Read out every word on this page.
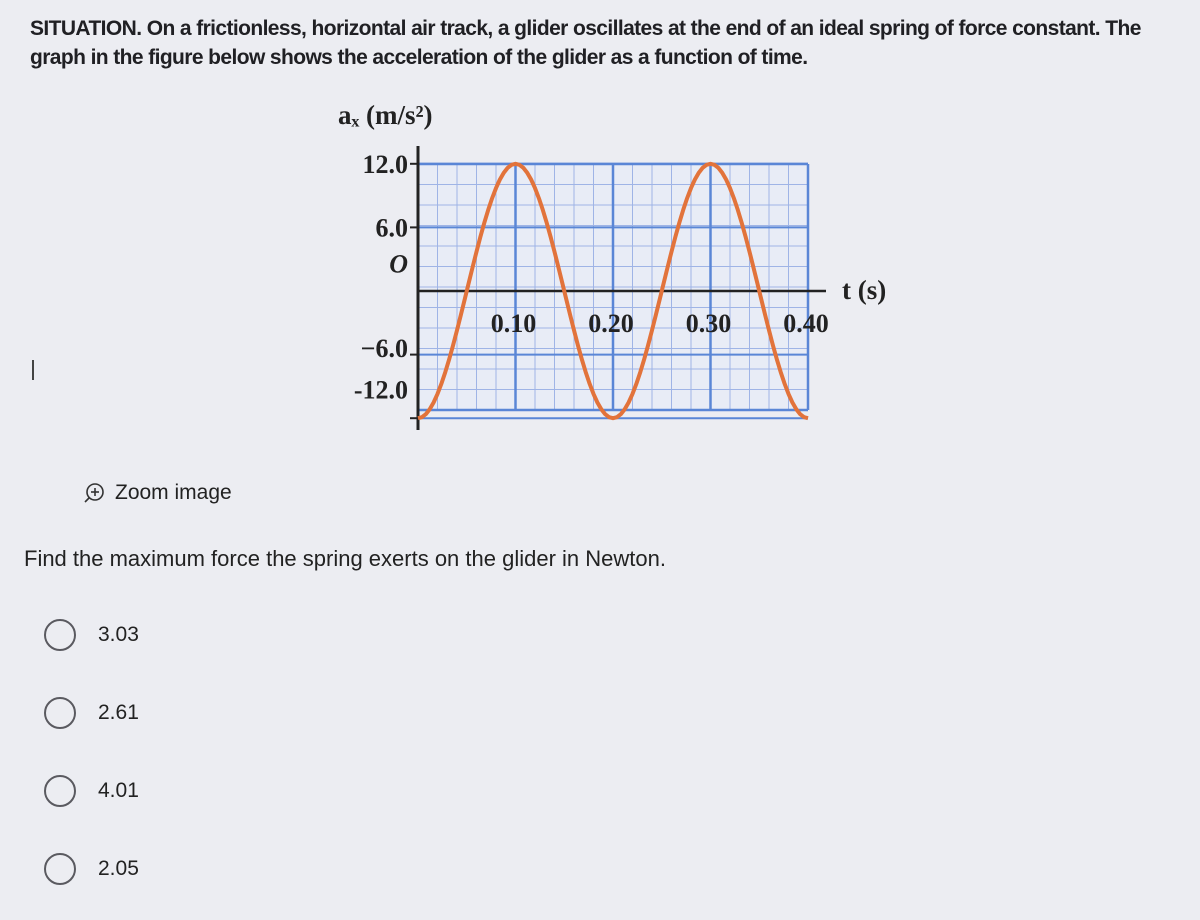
SITUATION. On a frictionless, horizontal air track, a glider oscillates at the end of an ideal spring of force constant. The graph in the figure below shows the acceleration of the glider as a function of time.
12.0
6.0
O
−6.0
-12.0
0.10 0.20 0.30 0.40
aₓ (m/s²)
t (s)
Zoom image
Find the maximum force the spring exerts on the glider in Newton.
3.03
2.61
4.01
2.05
